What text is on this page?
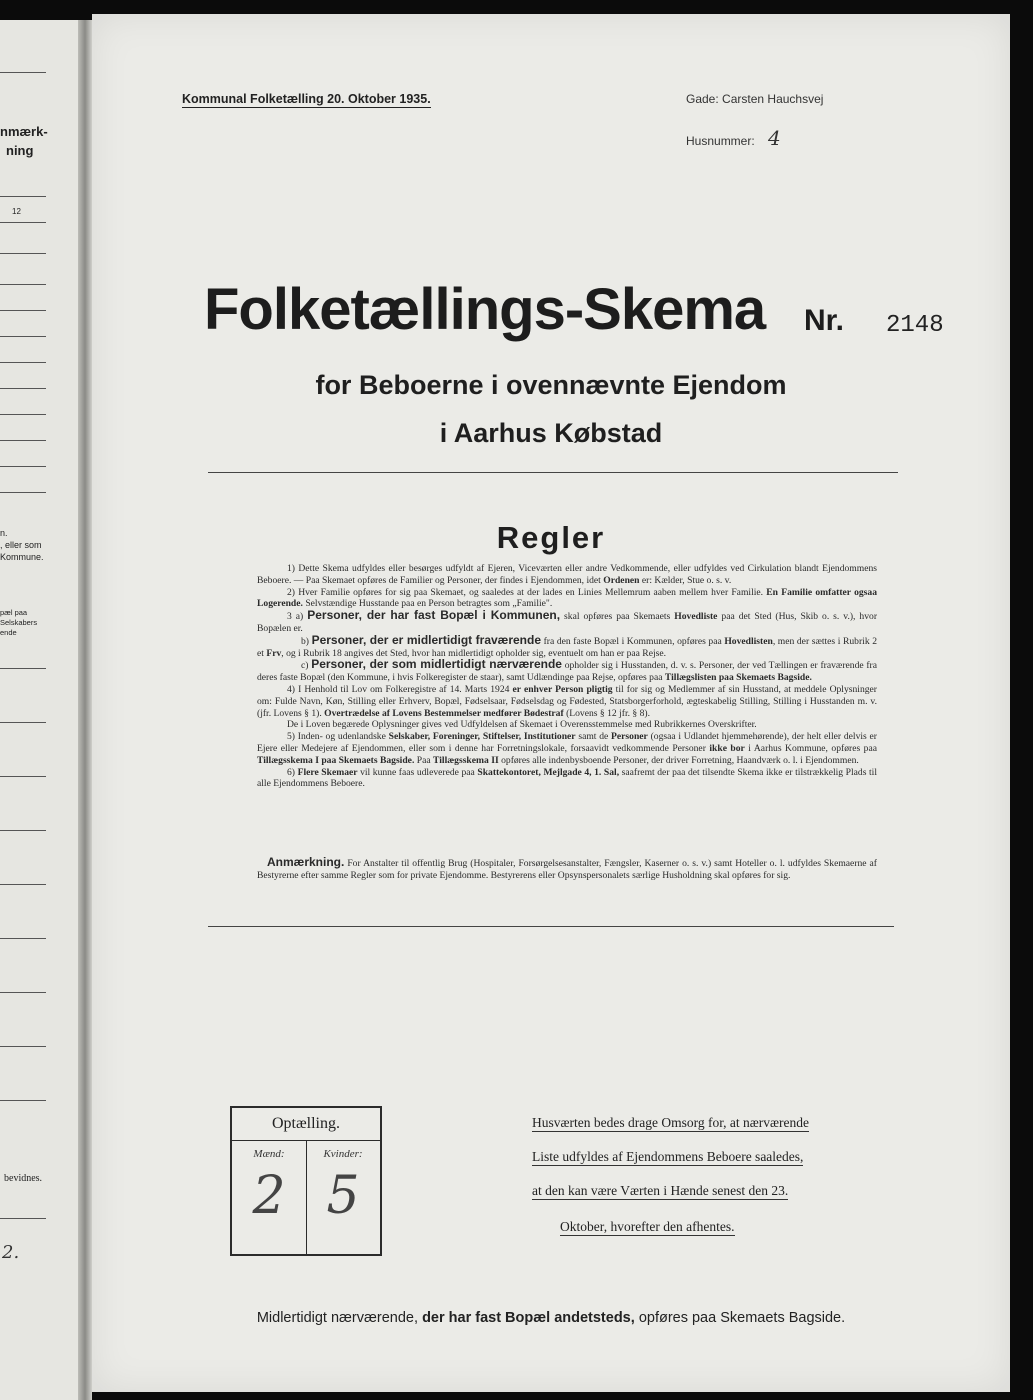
nmærk-
ning
12
n.
, eller som
Kommune.
pæl paa
Selskabers
ende
bevidnes.
2.
Kommunal Folketælling 20. Oktober 1935.	Gade: Carsten Hauchsvej
Husnummer: 4
Folketællings-Skema Nr. 2148
for Beboerne i ovennævnte Ejendom
i Aarhus Købstad
Regler

1) Dette Skema udfyldes eller besørges udfyldt af Ejeren, Viceværten eller andre Vedkommende, eller udfyldes ved Cirkulation blandt Ejendommens Beboere. — Paa Skemaet opføres de Familier og Personer, der findes i Ejendommen, idet Ordenen er: Kælder, Stue o. s. v.

2) Hver Familie opføres for sig paa Skemaet, og saaledes at der lades en Linies Mellemrum aaben mellem hver Familie. En Familie omfatter ogsaa Logerende. Selvstændige Husstande paa en Person betragtes som „Familie".

3 a) Personer, der har fast Bopæl i Kommunen, skal opføres paa Skemaets Hovedliste paa det Sted (Hus, Skib o. s. v.), hvor Bopælen er.

b) Personer, der er midlertidigt fraværende fra den faste Bopæl i Kommunen, opføres paa Hovedlisten, men der sættes i Rubrik 2 et Frv, og i Rubrik 18 angives det Sted, hvor han midlertidigt opholder sig, eventuelt om han er paa Rejse.

c) Personer, der som midlertidigt nærværende opholder sig i Husstanden, d. v. s. Personer, der ved Tællingen er fraværende fra deres faste Bopæl (den Kommune, i hvis Folkeregister de staar), samt Udlændinge paa Rejse, opføres paa Tillægslisten paa Skemaets Bagside.

4) I Henhold til Lov om Folkeregistre af 14. Marts 1924 er enhver Person pligtig til for sig og Medlemmer af sin Husstand, at meddele Oplysninger om: Fulde Navn, Køn, Stilling eller Erhverv, Bopæl, Fødselsaar, Fødselsdag og Fødested, Statsborgerforhold, ægteskabelig Stilling, Stilling i Husstanden m. v. (jfr. Lovens § 1). Overtrædelse af Lovens Bestemmelser medfører Bødestraf (Lovens § 12 jfr. § 8).

De i Loven begærede Oplysninger gives ved Udfyldelsen af Skemaet i Overensstemmelse med Rubrikkernes Overskrifter.

5) Inden- og udenlandske Selskaber, Foreninger, Stiftelser, Institutioner samt de Personer (ogsaa i Udlandet hjemmehørende), der helt eller delvis er Ejere eller Medejere af Ejendommen, eller som i denne har Forretningslokale, forsaavidt vedkommende Personer ikke bor i Aarhus Kommune, opføres paa Tillægsskema I paa Skemaets Bagside. Paa Tillægsskema II opføres alle indenbysboende Personer, der driver Forretning, Haandværk o. l. i Ejendommen.

6) Flere Skemaer vil kunne faas udleverede paa Skattekontoret, Mejlgade 4, 1. Sal, saafremt der paa det tilsendte Skema ikke er tilstrækkelig Plads til alle Ejendommens Beboere.

Anmærkning. For Anstalter til offentlig Brug (Hospitaler, Forsørgelsesanstalter, Fængsler, Kaserner o. s. v.) samt Hoteller o. l. udfyldes Skemaerne af Bestyrerne efter samme Regler som for private Ejendomme. Bestyrerens eller Opsynspersonalets særlige Husholdning skal opføres for sig.

Optælling.
Mænd:
2
Kvinder:
5
Husværten bedes drage Omsorg for, at nærværende
Liste udfyldes af Ejendommens Beboere saaledes,
at den kan være Værten i Hænde senest den 23.
Oktober, hvorefter den afhentes.
Midlertidigt nærværende, der har fast Bopæl andetsteds, opføres paa Skemaets Bagside.
